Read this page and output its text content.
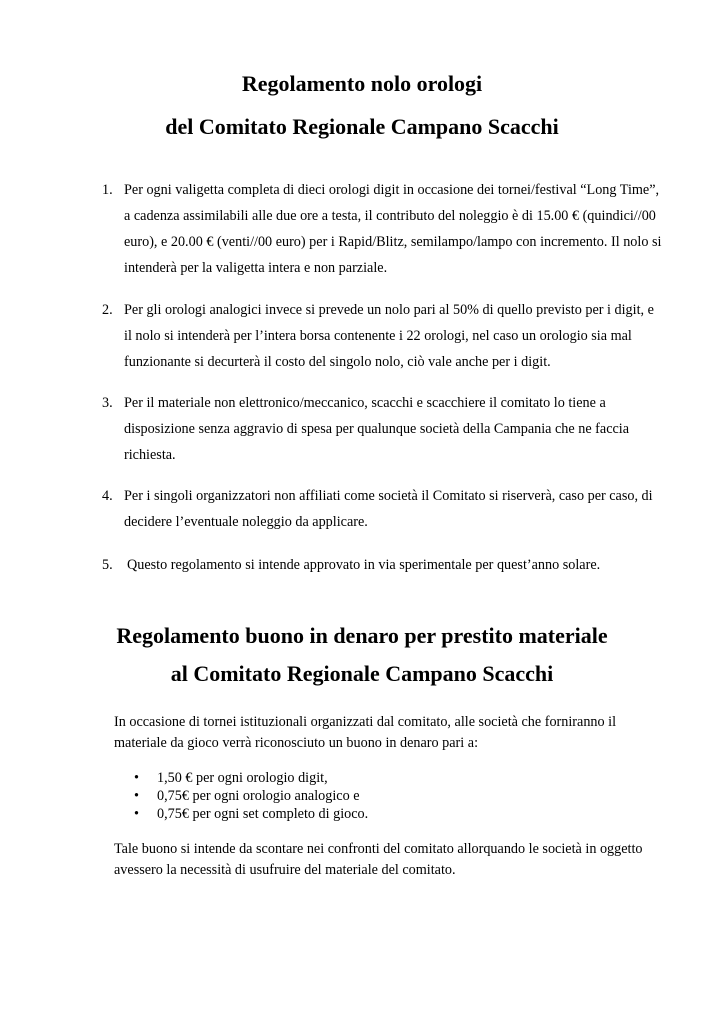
Regolamento nolo orologi
del Comitato Regionale Campano Scacchi
1. Per ogni valigetta completa di dieci orologi digit in occasione dei tornei/festival “Long Time”, a cadenza assimilabili alle due ore a testa, il contributo del noleggio è di 15.00 € (quindici//00 euro), e 20.00 € (venti//00 euro) per i Rapid/Blitz, semilampo/lampo con incremento. Il nolo si intenderà per la valigetta intera e non parziale.
2. Per gli orologi analogici invece si prevede un nolo pari al 50% di quello previsto per i digit, e il nolo si intenderà per l’intera borsa contenente i 22 orologi, nel caso un orologio sia mal funzionante si decurterà il costo del singolo nolo, ciò vale anche per i digit.
3. Per il materiale non elettronico/meccanico, scacchi e scacchiere il comitato lo tiene a disposizione senza aggravio di spesa per qualunque società della Campania che ne faccia richiesta.
4. Per i singoli organizzatori non affiliati come società il Comitato si riserverà, caso per caso, di decidere l’eventuale noleggio da applicare.
5. Questo regolamento si intende approvato in via sperimentale per quest’anno solare.
Regolamento buono in denaro per prestito materiale
al Comitato Regionale Campano Scacchi

In occasione di tornei istituzionali organizzati dal comitato, alle società che forniranno il materiale da gioco verrà riconosciuto un buono in denaro pari a:

• 1,50 € per ogni orologio digit,
• 0,75€ per ogni orologio analogico e
• 0,75€ per ogni set completo di gioco.

Tale buono si intende da scontare nei confronti del comitato allorquando le società in oggetto avessero la necessità di usufruire del materiale del comitato.
